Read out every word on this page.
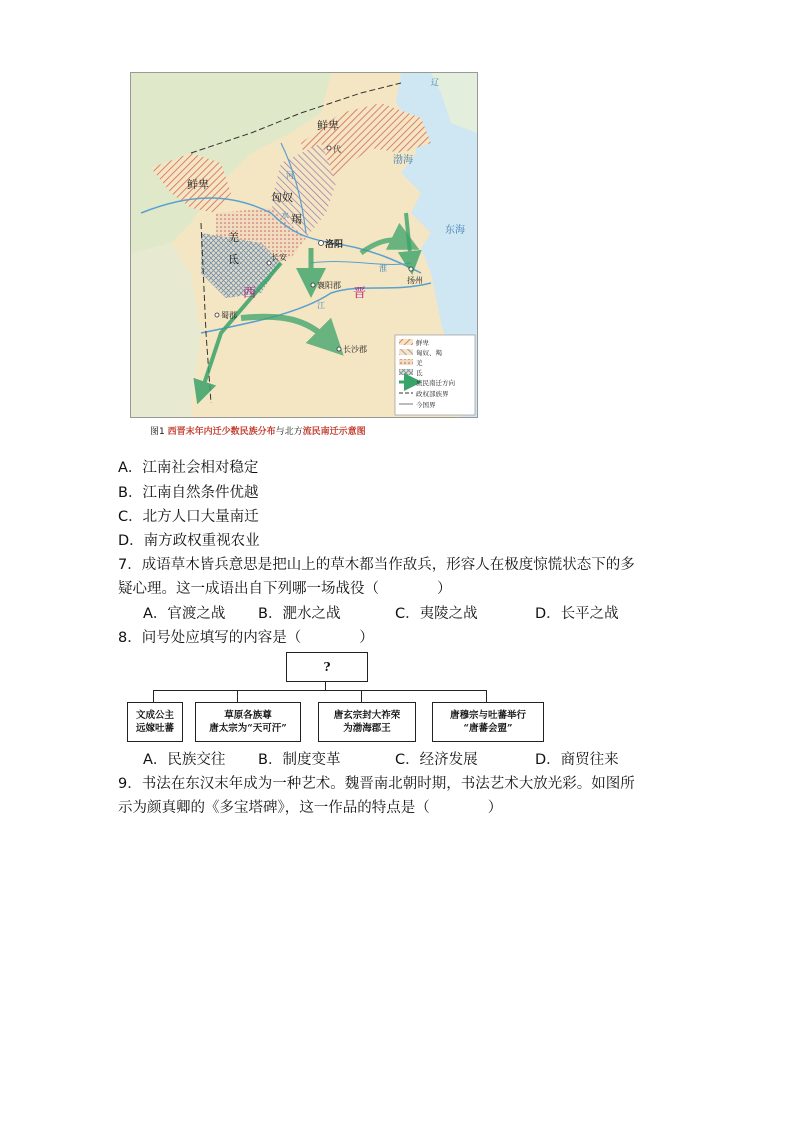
鲜卑
鲜卑
匈奴
羯
羌
氐
西	晋
代
洛阳
长安
襄阳郡
扬州
蜀郡
长沙郡
渤海
东海
辽
河
水
淮
江
鲜卑
匈奴、羯
羌
氐
流民南迁方向
政权部族界
今国界
图1 西晋末年内迁少数民族分布与北方流民南迁示意图
A．江南社会相对稳定
B．江南自然条件优越
C．北方人口大量南迁
D．南方政权重视农业
7．成语草木皆兵意思是把山上的草木都当作敌兵，形容人在极度惊慌状态下的多
疑心理。这一成语出自下列哪一场战役（　　　　）
A．官渡之战 B．淝水之战	C．夷陵之战	D．长平之战
8．问号处应填写的内容是（　　　　）
?
文成公主
远嫁吐蕃
草原各族尊
唐太宗为“天可汗”
唐玄宗封大祚荣
为渤海郡王
唐穆宗与吐蕃举行
“唐蕃会盟”
A．民族交往 B．制度变革	C．经济发展	D．商贸往来
9．书法在东汉末年成为一种艺术。魏晋南北朝时期，书法艺术大放光彩。如图所
示为颜真卿的《多宝塔碑》，这一作品的特点是（　　　　）
